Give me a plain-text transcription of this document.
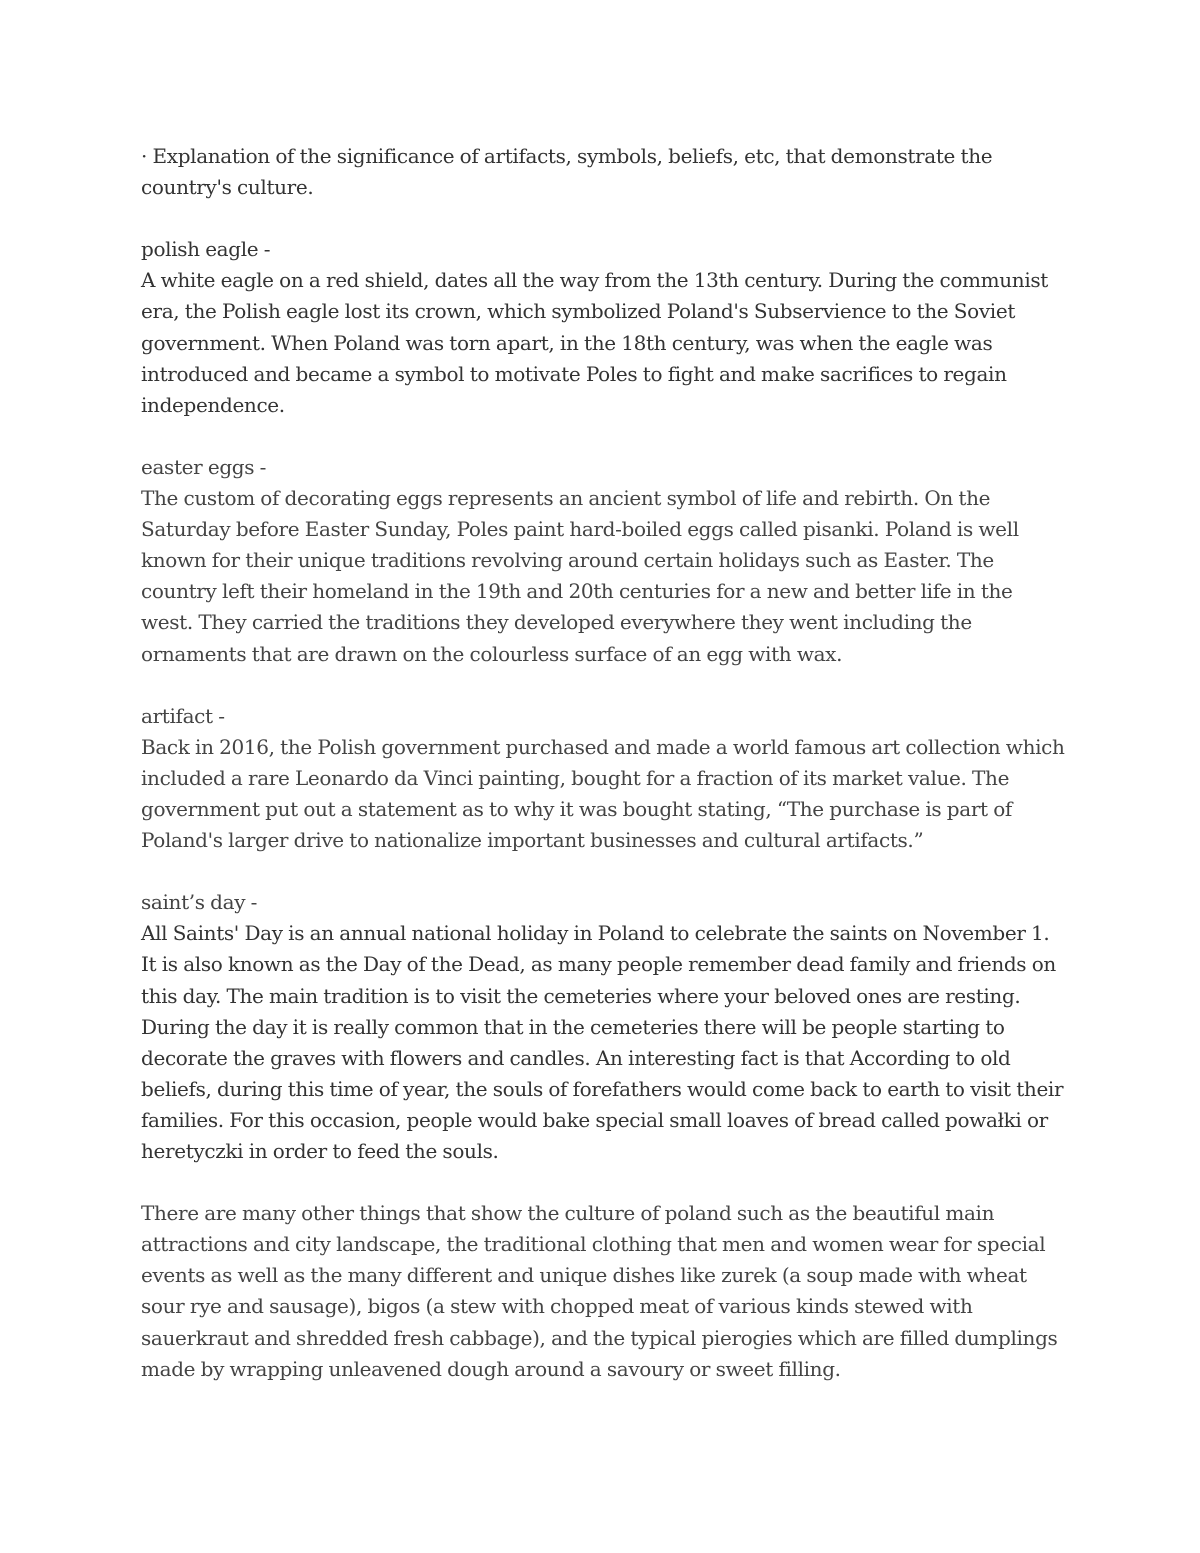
· Explanation of the significance of artifacts, symbols, beliefs, etc, that demonstrate the country's culture.

polish eagle -

A white eagle on a red shield, dates all the way from the 13th century. During the communist era, the Polish eagle lost its crown, which symbolized Poland's Subservience to the Soviet government. When Poland was torn apart, in the 18th century, was when the eagle was introduced and became a symbol to motivate Poles to fight and make sacrifices to regain independence.

easter eggs -

The custom of decorating eggs represents an ancient symbol of life and rebirth. On the Saturday before Easter Sunday, Poles paint hard-boiled eggs called pisanki. Poland is well known for their unique traditions revolving around certain holidays such as Easter. The country left their homeland in the 19th and 20th centuries for a new and better life in the west. They carried the traditions they developed everywhere they went including the ornaments that are drawn on the colourless surface of an egg with wax.

artifact -

Back in 2016, the Polish government purchased and made a world famous art collection which included a rare Leonardo da Vinci painting, bought for a fraction of its market value. The government put out a statement as to why it was bought stating, “The purchase is part of Poland's larger drive to nationalize important businesses and cultural artifacts.”

saint’s day -

All Saints' Day is an annual national holiday in Poland to celebrate the saints on November 1. It is also known as the Day of the Dead, as many people remember dead family and friends on this day. The main tradition is to visit the cemeteries where your beloved ones are resting. During the day it is really common that in the cemeteries there will be people starting to decorate the graves with flowers and candles. An interesting fact is that According to old beliefs, during this time of year, the souls of forefathers would come back to earth to visit their families. For this occasion, people would bake special small loaves of bread called powałki or heretyczki in order to feed the souls.

There are many other things that show the culture of poland such as the beautiful main attractions and city landscape, the traditional clothing that men and women wear for special events as well as the many different and unique dishes like zurek (a soup made with wheat sour rye and sausage), bigos (a stew with chopped meat of various kinds stewed with sauerkraut and shredded fresh cabbage), and the typical pierogies which are filled dumplings made by wrapping unleavened dough around a savoury or sweet filling.
